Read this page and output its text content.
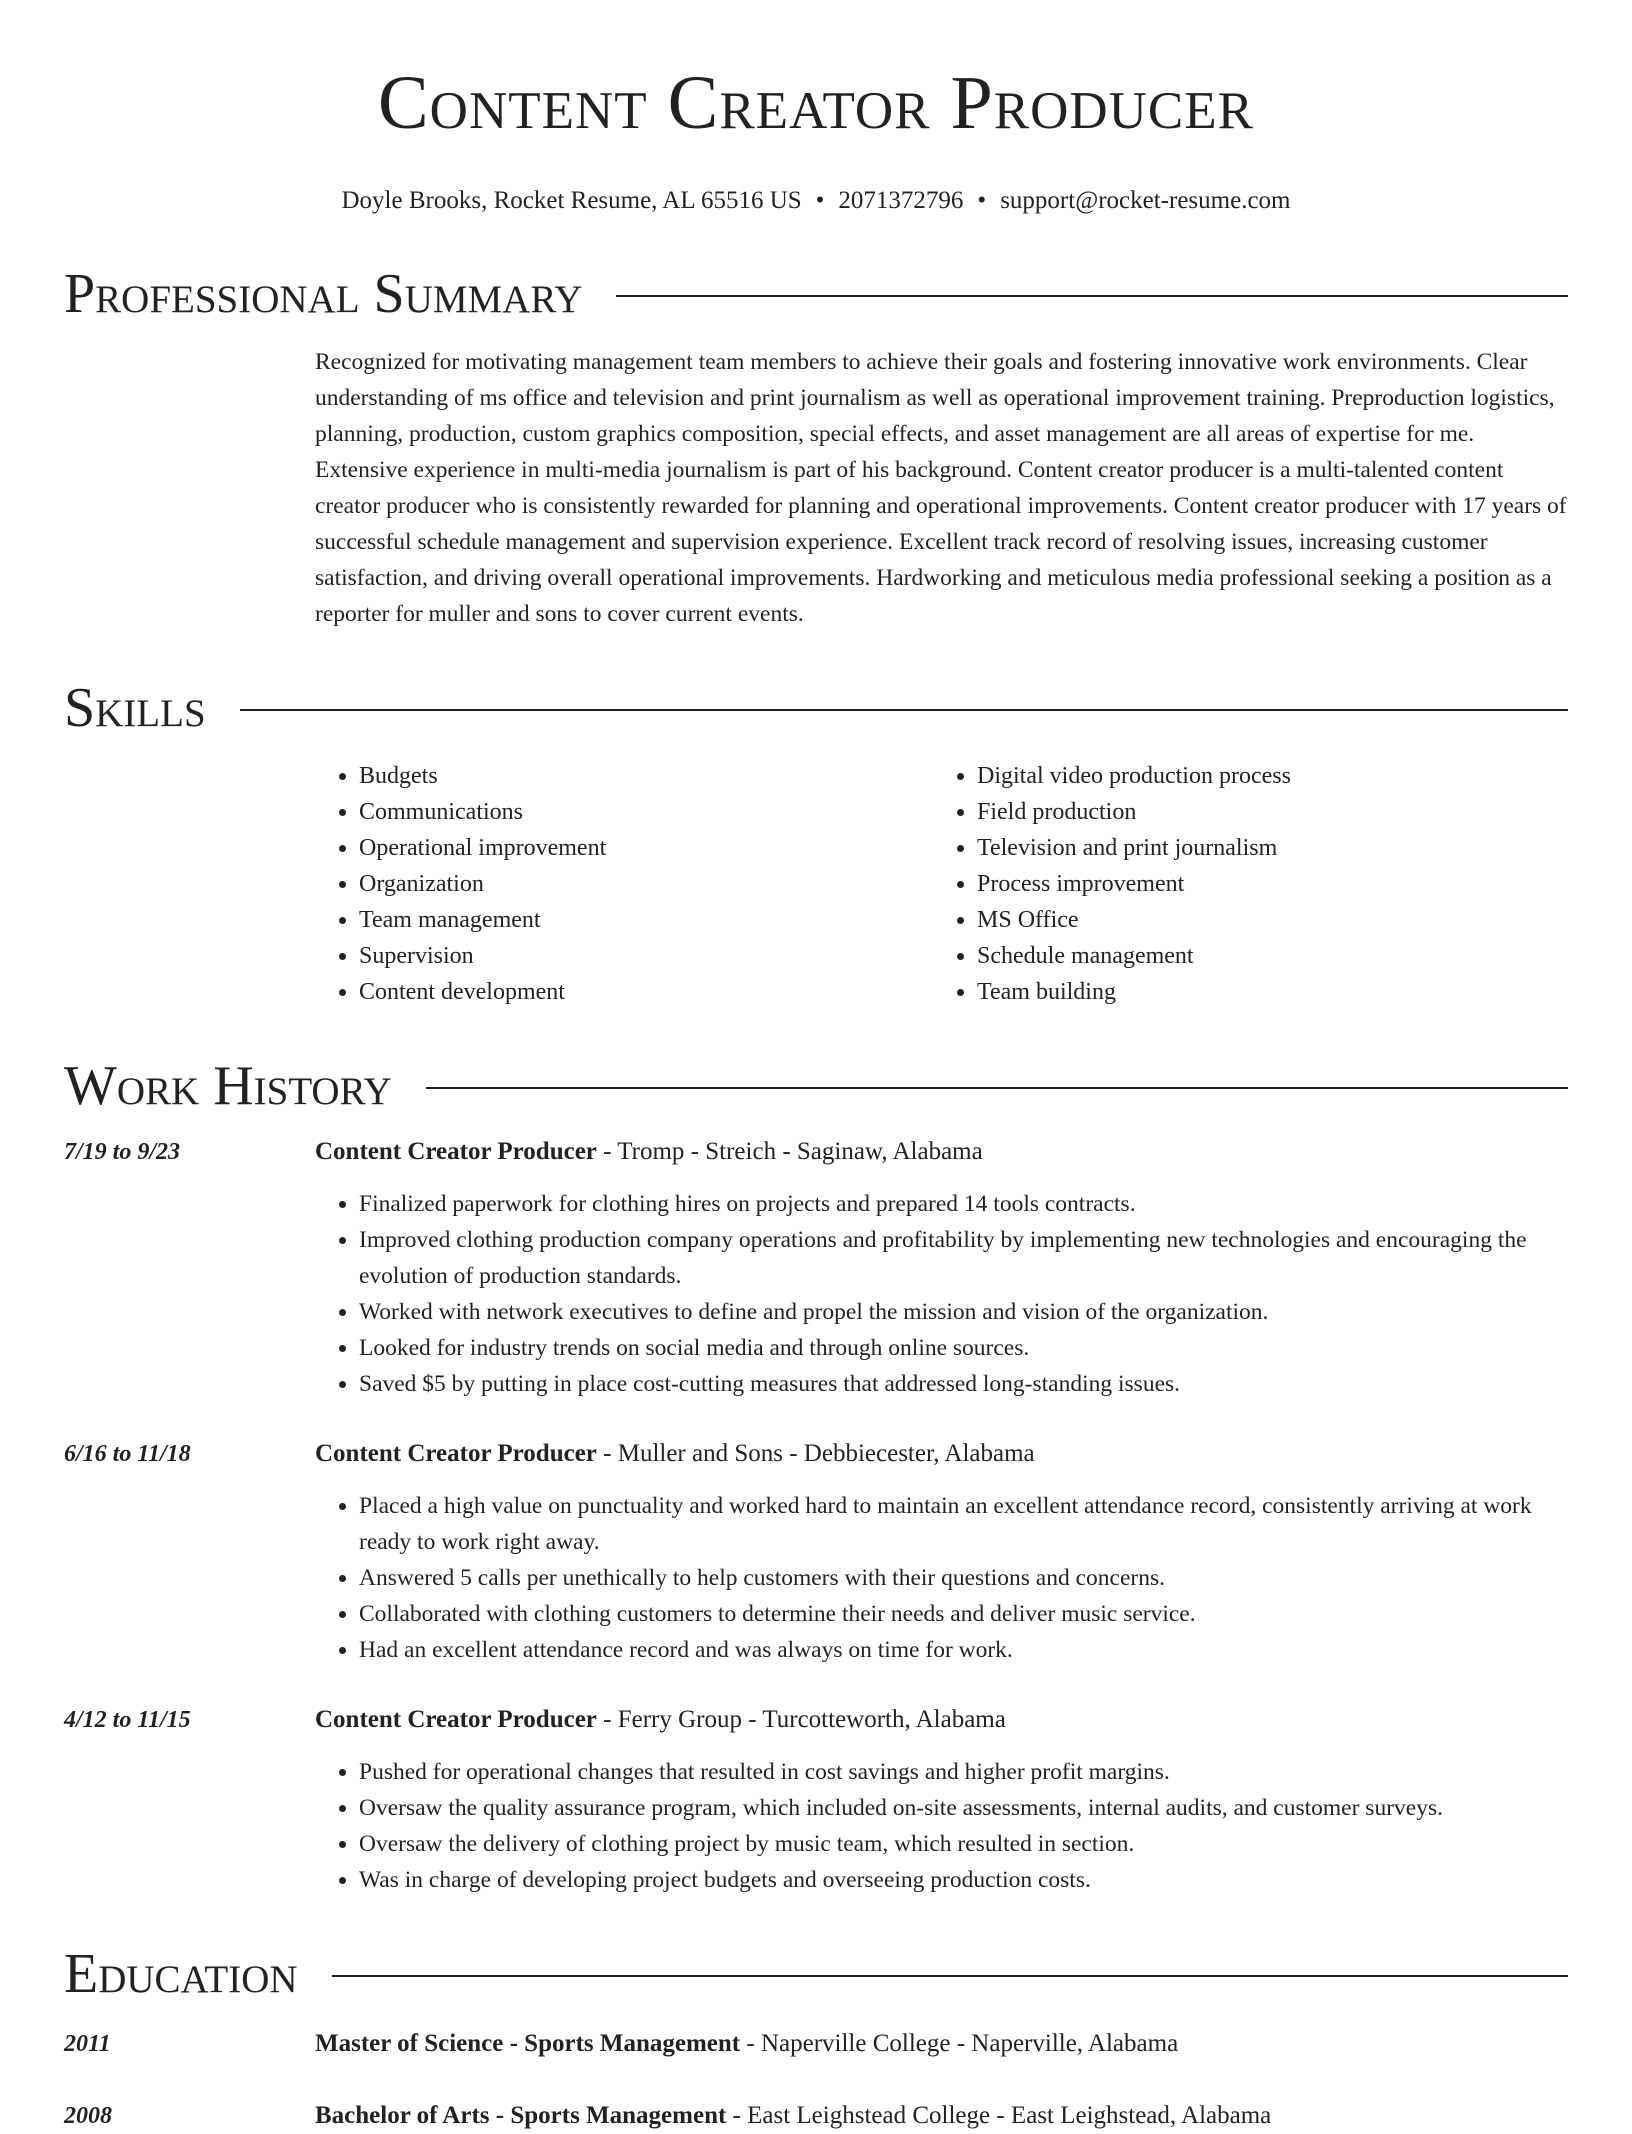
Content Creator Producer
Doyle Brooks, Rocket Resume, AL 65516 US • 2071372796 • support@rocket-resume.com
Professional Summary

Recognized for motivating management team members to achieve their goals and fostering innovative work environments. Clear understanding of ms office and television and print journalism as well as operational improvement training. Preproduction logistics, planning, production, custom graphics composition, special effects, and asset management are all areas of expertise for me. Extensive experience in multi-media journalism is part of his background. Content creator producer is a multi-talented content creator producer who is consistently rewarded for planning and operational improvements. Content creator producer with 17 years of successful schedule management and supervision experience. Excellent track record of resolving issues, increasing customer satisfaction, and driving overall operational improvements. Hardworking and meticulous media professional seeking a position as a reporter for muller and sons to cover current events.

Skills
• Budgets
• Communications
• Operational improvement
• Organization
• Team management
• Supervision
• Content development
• Digital video production process
• Field production
• Television and print journalism
• Process improvement
• MS Office
• Schedule management
• Team building
Work History
7/19 to 9/23	Content Creator Producer - Tromp - Streich - Saginaw, Alabama
• Finalized paperwork for clothing hires on projects and prepared 14 tools contracts.
• Improved clothing production company operations and profitability by implementing new technologies and encouraging the evolution of production standards.
• Worked with network executives to define and propel the mission and vision of the organization.
• Looked for industry trends on social media and through online sources.
• Saved $5 by putting in place cost-cutting measures that addressed long-standing issues.
6/16 to 11/18	Content Creator Producer - Muller and Sons - Debbiecester, Alabama
• Placed a high value on punctuality and worked hard to maintain an excellent attendance record, consistently arriving at work ready to work right away.
• Answered 5 calls per unethically to help customers with their questions and concerns.
• Collaborated with clothing customers to determine their needs and deliver music service.
• Had an excellent attendance record and was always on time for work.
4/12 to 11/15	Content Creator Producer - Ferry Group - Turcotteworth, Alabama
• Pushed for operational changes that resulted in cost savings and higher profit margins.
• Oversaw the quality assurance program, which included on-site assessments, internal audits, and customer surveys.
• Oversaw the delivery of clothing project by music team, which resulted in section.
• Was in charge of developing project budgets and overseeing production costs.
Education
2011	Master of Science - Sports Management - Naperville College - Naperville, Alabama
2008	Bachelor of Arts - Sports Management - East Leighstead College - East Leighstead, Alabama
